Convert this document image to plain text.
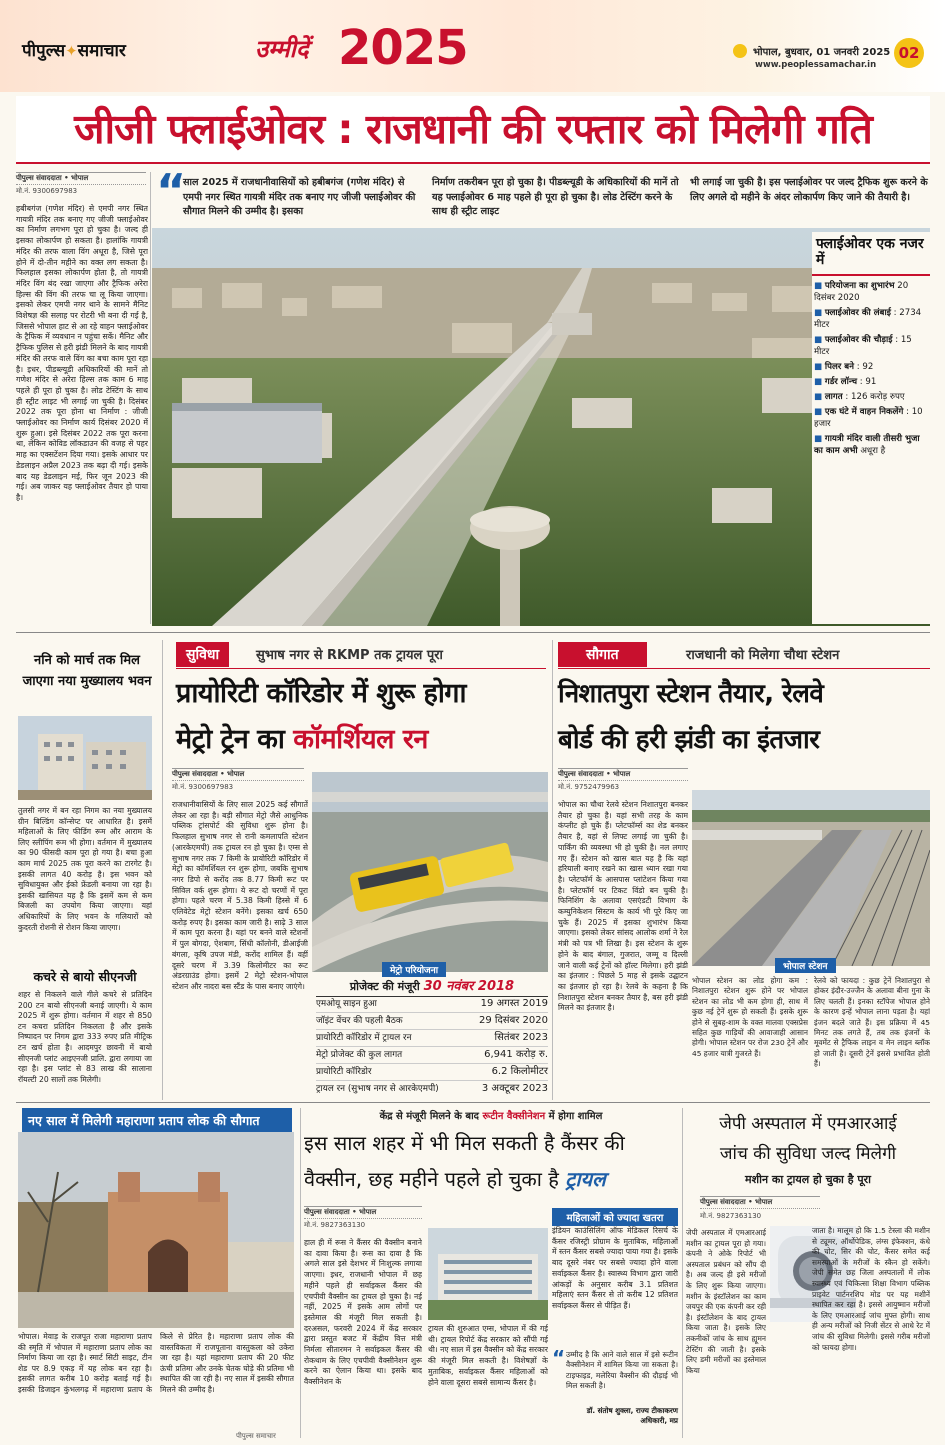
पीपुल्स✦समाचार	उम्मीदें 2025	भोपाल, बुधवार, 01 जनवरी 2025
www.peoplessamachar.in
02
जीजी फ्लाईओवर : राजधानी की रफ्तार को मिलेगी गति
पीपुल्स संवाददाता • भोपाल
मो.नं. 9300697983
हबीबगंज (गणेश मंदिर) से एमपी नगर स्थित गायत्री मंदिर तक बनाए गए जीजी फ्लाईओवर का निर्माण लगभग पूरा हो चुका है। जल्द ही इसका लोकार्पण हो सकता है। हालांकि गायत्री मंदिर की तरफ वाला विंग अधूरा है, जिसे पूरा होने में दो-तीन महीने का वक्त लग सकता है। फिलहाल इसका लोकार्पण होता है, तो गायत्री मंदिर विंग बंद रखा जाएगा और ट्रैफिक अरेरा हिल्स की विंग की तरफ चा लू किया जाएगा। इसको लेकर एमपी नगर थाने के सामने मैनिट विशेषज्ञ की सलाह पर रोटरी भी बना दी गई है, जिससे भोपाल हाट से आ रहे वाहन फ्लाईओवर के ट्रैफिक में व्यवधान न पहुंचा सकें। मैनिट और ट्रैफिक पुलिस से हरी झंडी मिलने के बाद गायत्री मंदिर की तरफ वाले विंग का बचा काम पूरा रहा है। इधर, पीडब्ल्यूडी अधिकारियों की मानें तो गणेश मंदिर से अरेरा हिल्स तक काम 6 माह पहले ही पूरा हो चुका है। लोड टेस्टिंग के साथ ही स्ट्रीट लाइट भी लगाई जा चुकी है। दिसंबर 2022 तक पूरा होना था निर्माण : जीजी फ्लाईओवर का निर्माण कार्य दिसंबर 2020 में शुरू हुआ। इसे दिसंबर 2022 तक पूरा करना था, लेकिन कोविड लॉकडाउन की वजह से पहर माह का एक्सटेंशन दिया गया। इसके आधार पर डेडलाइन अप्रैल 2023 तक बढ़ा दी गई। इसके बाद यह डेडलाइन मई, फिर जून 2023 की गई। अब जाकर यह फ्लाईओवर तैयार हो पाया है।
“
साल 2025 में राजधानीवासियों को हबीबगंज (गणेश मंदिर) से एमपी नगर स्थित गायत्री मंदिर तक बनाए गए जीजी फ्लाईओवर की सौगात मिलने की उम्मीद है। इसका
निर्माण तकरीबन पूरा हो चुका है। पीडब्ल्यूडी के अधिकारियों की मानें तो यह फ्लाईओवर 6 माह पहले ही पूरा हो चुका है। लोड टेस्टिंग करने के साथ ही स्ट्रीट लाइट
भी लगाई जा चुकी है। इस फ्लाईओवर पर जल्द ट्रैफिक शुरू करने के लिए अगले दो महीने के अंदर लोकार्पण किए जाने की तैयारी है।
फ्लाईओवर एक नजर में
■ परियोजना का शुभारंभ 20 दिसंबर 2020
■ फ्लाईओवर की लंबाई : 2734 मीटर
■ फ्लाईओवर की चौड़ाई : 15 मीटर
■ पिलर बने : 92
■ गर्डर लॉन्च : 91
■ लागत : 126 करोड़ रुपए
■ एक घंटे में वाहन निकलेंगे : 10 हजार
■ गायत्री मंदिर वाली तीसरी भुजा का काम अभी अधूरा है
ननि को मार्च तक मिल जाएगा नया मुख्यालय भवन
तुलसी नगर में बन रहा निगम का नया मुख्यालय ग्रीन बिल्डिंग कॉन्सेप्ट पर आधारित है। इसमें महिलाओं के लिए फीडिंग रूम और आराम के लिए स्लीपिंग रूम भी होगा। वर्तमान में मुख्यालय का 90 फीसदी काम पूरा हो गया है। बचा हुआ काम मार्च 2025 तक पूरा करने का टारगेट है। इसकी लागत 40 करोड़ है। इस भवन को सुविधायुक्त और ईको फ्रेंडली बनाया जा रहा है। इसकी खासियत यह है कि इसमें कम से कम बिजली का उपयोग किया जाएगा। यहां अधिकारियों के लिए भवन के गलियारों को कुदरती रोशनी से रोशन किया जाएगा।
कचरे से बायो सीएनजी
शहर से निकलने वाले गीले कचरे से प्रतिदिन 200 टन बायो सीएनजी बनाई जाएगी। ये काम 2025 में शुरू होगा। वर्तमान में शहर से 850 टन कचरा प्रतिदिन निकलता है और इसके निष्पादन पर निगम द्वारा 333 रुपए प्रति मीट्रिक टन खर्च होता है। आदमपुर छावनी में बायो सीएनजी प्लांट आइएनजी प्रालि. द्वारा लगाया जा रहा है। इस प्लांट से 83 लाख की सालाना रॉयल्टी 20 सालों तक मिलेगी।
सुविधा	सुभाष नगर से RKMP तक ट्रायल पूरा
प्रायोरिटी कॉरिडोर में शुरू होगा
मेट्रो ट्रेन का कॉमर्शियल रन
पीपुल्स संवाददाता • भोपाल
मो.नं. 9300697983
राजधानीवासियों के लिए साल 2025 कई सौगातें लेकर आ रहा है। बड़ी सौगात मेट्रो जैसे आधुनिक पब्लिक ट्रांसपोर्ट की सुविधा शुरू होना है। फिलहाल सुभाष नगर से रानी कमलापति स्टेशन (आरकेएमपी) तक ट्रायल रन हो चुका है। एम्स से सुभाष नगर तक 7 किमी के प्रायोरिटी कॉरिडोर में मेट्रो का कॉमर्शियल रन शुरू होगा, जबकि सुभाष नगर डिपो से करोंद तक 8.77 किमी रूट पर सिविल वर्क शुरू होगा। ये रूट दो चरणों में पूरा होगा। पहले चरण में 5.38 किमी हिस्से में 6 एलिवेटेड मेट्रो स्टेशन बनेंगे। इसका खर्च 650 करोड़ रुपए है। इसका काम जारी है। साढ़े 3 साल में काम पूरा करना है। यहां पर बनने वाले स्टेशनों में पुल बोगदा, ऐशबाग, सिंधी कॉलोनी, डीआईजी बंगला, कृषि उपज मंडी, करोंद शामिल हैं। वहीं दूसरे चरण में 3.39 किलोमीटर का रूट अंडरग्राउंड होगा। इसमें 2 मेट्रो स्टेशन-भोपाल स्टेशन और नादरा बस स्टैंड के पास बनाए जाएंगे।
मेट्रो परियोजना
प्रोजेक्ट की मंजूरी 30 नवंबर 2018
एमओयू साइन हुआ	19 अगस्त 2019
जॉइंट वेंचर की पहली बैठक	29 दिसंबर 2020
प्रायोरिटी कॉरिडोर में ट्रायल रन	सितंबर 2023
मेट्रो प्रोजेक्ट की कुल लागत	6,941 करोड़ रु.
प्रायोरिटी कॉरिडोर	6.2 किलोमीटर
ट्रायल रन (सुभाष नगर से आरकेएमपी)	3 अक्टूबर 2023
सौगात	राजधानी को मिलेगा चौथा स्टेशन
निशातपुरा स्टेशन तैयार, रेलवे
बोर्ड की हरी झंडी का इंतजार
पीपुल्स संवाददाता • भोपाल
मो.नं. 9752479963
भोपाल का चौथा रेलवे स्टेशन निशातपुरा बनकर तैयार हो चुका है। यहां सभी तरह के काम कंप्लीट हो चुके हैं। प्लेटफॉर्म्स का शेड बनकर तैयार है, वहां से लिफ्ट लगाई जा चुकी है। पार्किंग की व्यवस्था भी हो चुकी है। नल लगाए गए हैं। स्टेशन को खास बात यह है कि यहां हरियाली बनाए रखने का खास ध्यान रखा गया है। प्लेटफॉर्म के आसपास प्लांटेशन किया गया है। प्लेटफॉर्म पर टिकट विंडो बन चुकी है। फिनिशिंग के अलावा एसएंडटी विभाग के कम्युनिकेशन सिस्टम के कार्य भी पूरे किए जा चुके हैं। 2025 में इसका शुभारंभ किया जाएगा। इसको लेकर सांसद आलोक शर्मा ने रेल मंत्री को पत्र भी लिखा है। इस स्टेशन के शुरू होने के बाद बंगाल, गुजरात, जम्मू व दिल्ली जाने वाली कई ट्रेनों को हॉल्ट मिलेगा। हरी झंडी का इंतजार : पिछले 5 माह से इसके उद्घाटन का इंतजार हो रहा है। रेलवे के कहना है कि निशातपुरा स्टेशन बनकर तैयार है, बस हरी झंडी मिलने का इंतजार है।
भोपाल स्टेशन
भोपाल स्टेशन का लोड होगा कम : निशातपुरा स्टेशन शुरू होने पर भोपाल स्टेशन का लोड भी कम होगा ही, साथ में कुछ नई ट्रेनें शुरू हो सकती हैं। इसके शुरू होने से सुबह-शाम के वक्त मालवा एक्सप्रेस सहित कुछ गाड़ियों की आवाजाही आसान होगी। भोपाल स्टेशन पर रोज 230 ट्रेनें और 45 हजार यात्री गुजरते हैं।
रेलवे को फायदा : कुछ ट्रेनें निशातपुरा से होकर इंदौर-उज्जैन के अलावा बीना गुना के लिए चलती हैं। इनका स्टॉपेज भोपाल होने के कारण इन्हें भोपाल लाना पड़ता है। यहां इंजन बदले जाते हैं। इस प्रक्रिया में 45 मिनट तक लगते हैं, तब तक इंजनों के मूवमेंट से ट्रैफिक लाइन व मेन लाइन ब्लॉक हो जाती है। दूसरी ट्रेनें इससे प्रभावित होती हैं।
नए साल में मिलेगी महाराणा प्रताप लोक की सौगात
भोपाल। मेवाड़ के राजपूत राजा महाराणा प्रताप की स्मृति में भोपाल में महाराणा प्रताप लोक का निर्माण किया जा रहा है। स्मार्ट सिटी साइट, टीन शेड पर 8.9 एकड़ में यह लोक बन रहा है। इसकी लागत करीब 10 करोड़ बताई गई है। इसकी डिजाइन कुंभलगढ़ में महाराणा प्रताप के किले से प्रेरित है। महाराणा प्रताप लोक की वास्तविकता में राजपूताना वास्तुकला को उकेरा जा रहा है। यहां महाराणा प्रताप की 20 फीट ऊंची प्रतिमा और उनके चेतक घोड़े की प्रतिमा भी स्थापित की जा रही है। नए साल में इसकी सौगात मिलने की उम्मीद है।
पीपुल्स समाचार
केंद्र से मंजूरी मिलने के बाद रूटीन वैक्सीनेशन में होगा शामिल
इस साल शहर में भी मिल सकती है कैंसर की
वैक्सीन, छह महीने पहले हो चुका है ट्रायल
पीपुल्स संवाददाता • भोपाल
मो.नं. 9827363130
हाल ही में रूस ने कैंसर की वैक्सीन बनाने का दावा किया है। रूस का दावा है कि अगले साल इसे देशभर में निःशुल्क लगाया जाएगा। इधर, राजधानी भोपाल में छह महीने पहले ही सर्वाइकल कैंसर की एचपीवी वैक्सीन का ट्रायल हो चुका है। नई नहीं, 2025 में इसके आम लोगों पर इस्तेमाल की मंजूरी मिल सकती है। दरअसल, फरवरी 2024 में केंद्र सरकार द्वारा प्रस्तुत बजट में केंद्रीय वित्त मंत्री निर्मला सीतारमन ने सर्वाइकल कैंसर की रोकथाम के लिए एचपीवी वैक्सीनेशन शुरू करने का ऐलान किया था। इसके बाद वैक्सीनेशन के
ट्रायल की शुरुआत एम्स, भोपाल में की गई थी। ट्रायल रिपोर्ट केंद्र सरकार को सौंपी गई थी। नए साल में इस वैक्सीन को केंद्र सरकार की मंजूरी मिल सकती है। विशेषज्ञों के मुताबिक, सर्वाइकल कैंसर महिलाओं को होने वाला दूसरा सबसे सामान्य कैंसर है।
महिलाओं को ज्यादा खतरा
इंडियन काउंसिलिंग ऑफ मेडिकल रिसर्च के कैंसर रजिस्ट्री प्रोग्राम के मुताबिक, महिलाओं में स्तन कैंसर सबसे ज्यादा पाया गया है। इसके बाद दूसरे नंबर पर सबसे ज्यादा होने वाला सर्वाइकल कैंसर है। स्वास्थ्य विभाग द्वारा जारी आंकड़ों के अनुसार करीब 3.1 प्रतिशत महिलाएं स्तन कैंसर से तो करीब 12 प्रतिशत सर्वाइकल कैंसर से पीड़ित हैं।
“ उम्मीद है कि आने वाले साल में इसे रूटीन वैक्सीनेशन में शामिल किया जा सकता है। टाइफाइड, मलेरिया वैक्सीन की दौड़ाई भी मिल सकती है।
डॉ. संतोष शुक्ला, राज्य टीकाकरण अधिकारी, मप्र
जेपी अस्पताल में एमआरआई
जांच की सुविधा जल्द मिलेगी
मशीन का ट्रायल हो चुका है पूरा
पीपुल्स संवाददाता • भोपाल
मो.नं. 9827363130
जेपी अस्पताल में एमआरआई मशीन का ट्रायल पूरा हो गया। कंपनी ने ओके रिपोर्ट भी अस्पताल प्रबंधन को सौंप दी है। अब जल्द ही इसे मरीजों के लिए शुरू किया जाएगा। मशीन के इंस्टॉलेशन का काम जयपुर की एक कंपनी कर रही है। इंस्टॉलेशन के बाद ट्रायल किया जाता है। इसके लिए तकनीकों जांच के साथ ह्यूमन टेस्टिंग की जाती है। इसके लिए डमी मरीजों का इस्तेमाल किया
जाता है। मालूम हो कि 1.5 टेस्ला की मशीन से ट्यूमर, ऑर्थोपेडिक, लंग्स इंफेक्शन, कंधे की चोट, सिर की चोट, कैंसर समेत कई समस्याओं के मरीजों के स्कैन हो सकेंगे। जेपी समेत छह जिला अस्पतालों में लोक स्वास्थ्य एवं चिकित्सा शिक्षा विभाग पब्लिक प्राइवेट पार्टनरशिप मोड पर यह मशीनें स्थापित कर रहा है। इससे आयुष्मान मरीजों के लिए एमआरआई जांच मुफ्त होगी। साथ ही अन्य मरीजों को निजी सेंटर से आधे रेट में जांच की सुविधा मिलेगी। इससे गरीब मरीजों को फायदा होगा।
